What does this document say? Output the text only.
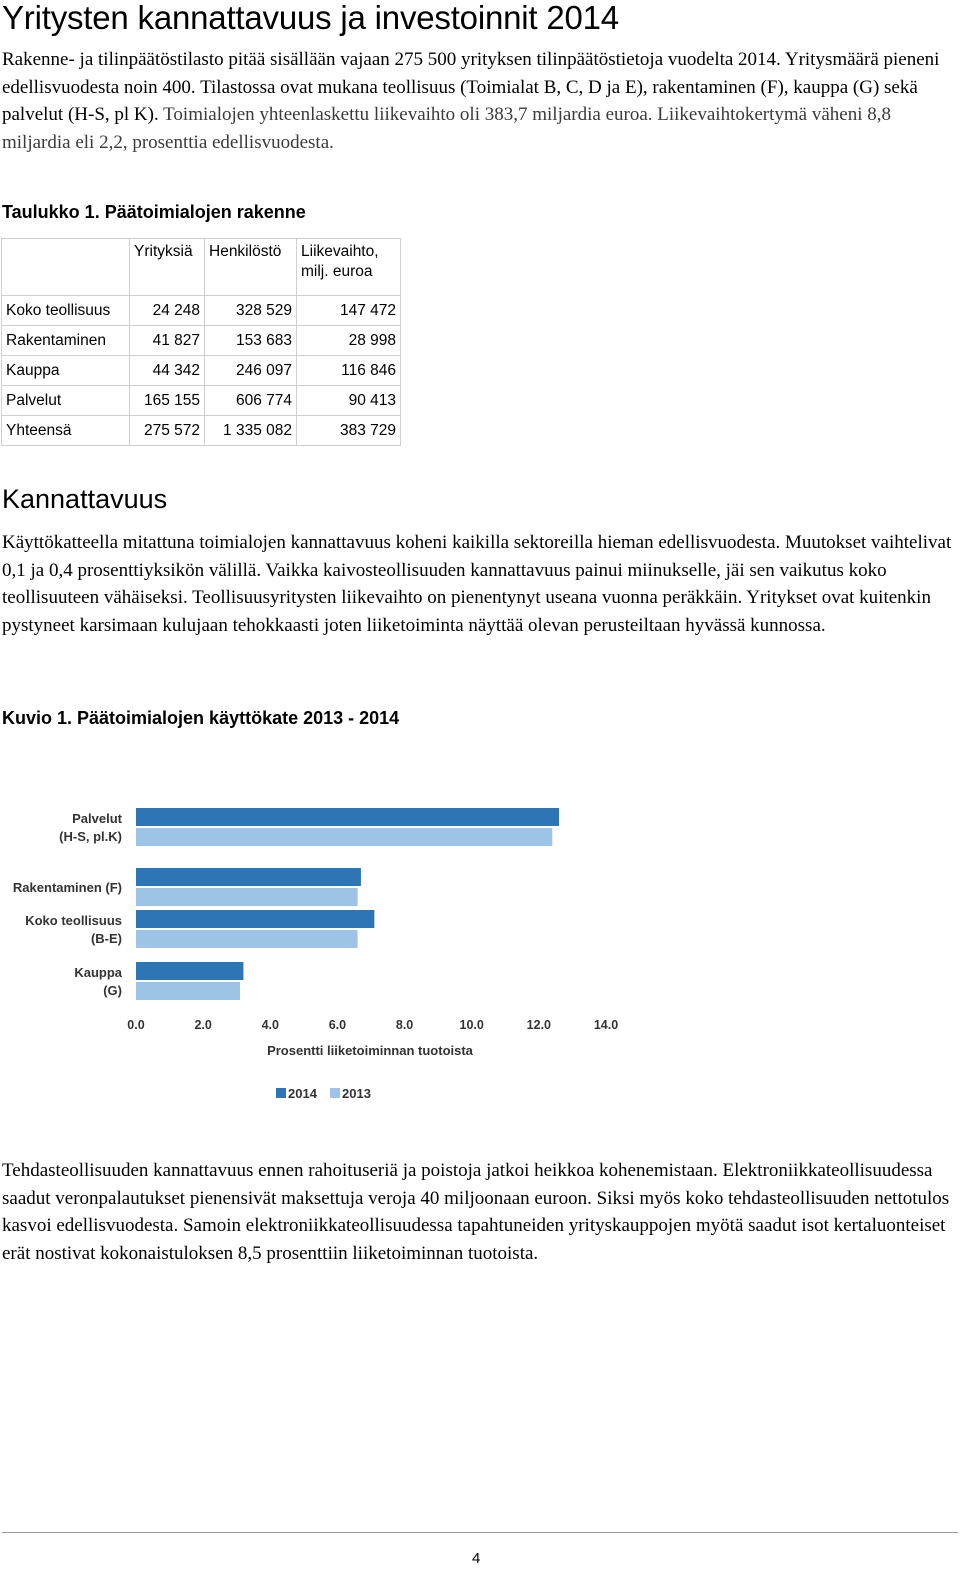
Yritysten kannattavuus ja investoinnit 2014

Rakenne- ja tilinpäätöstilasto pitää sisällään vajaan 275 500 yrityksen tilinpäätöstietoja vuodelta 2014. Yritysmäärä pieneni edellisvuodesta noin 400. Tilastossa ovat mukana teollisuus (Toimialat B, C, D ja E), rakentaminen (F), kauppa (G) sekä palvelut (H-S, pl K). Toimialojen yhteenlaskettu liikevaihto oli 383,7 miljardia euroa. Liikevaihtokertymä väheni 8,8 miljardia eli 2,2, prosenttia edellisvuodesta.

Taulukko 1. Päätoimialojen rakenne
	Yrityksiä	Henkilöstö	Liikevaihto, milj. euroa
Koko teollisuus	24 248	328 529	147 472
Rakentaminen	41 827	153 683	28 998
Kauppa	44 342	246 097	116 846
Palvelut	165 155	606 774	90 413
Yhteensä	275 572	1 335 082	383 729
Kannattavuus

Käyttökatteella mitattuna toimialojen kannattavuus koheni kaikilla sektoreilla hieman edellisvuodesta. Muutokset vaihtelivat 0,1 ja 0,4 prosenttiyksikön välillä. Vaikka kaivosteollisuuden kannattavuus painui miinukselle, jäi sen vaikutus koko teollisuuteen vähäiseksi. Teollisuusyritysten liikevaihto on pienentynyt useana vuonna peräkkäin. Yritykset ovat kuitenkin pystyneet karsimaan kulujaan tehokkaasti joten liiketoiminta näyttää olevan perusteiltaan hyvässä kunnossa.

Kuvio 1. Päätoimialojen käyttökate 2013 - 2014
Palvelut
(H-S, pl.K)
Rakentaminen (F)
Koko teollisuus
(B-E)
Kauppa
(G)
0.0	2.0	4.0	6.0	8.0	10.0	12.0	14.0
Prosentti liiketoiminnan tuotoista
2014 2013

Tehdasteollisuuden kannattavuus ennen rahoituseriä ja poistoja jatkoi heikkoa kohenemistaan. Elektroniikkateollisuudessa saadut veronpalautukset pienensivät maksettuja veroja 40 miljoonaan euroon. Siksi myös koko tehdasteollisuuden nettotulos kasvoi edellisvuodesta. Samoin elektroniikkateollisuudessa tapahtuneiden yrityskauppojen myötä saadut isot kertaluonteiset erät nostivat kokonaistuloksen 8,5 prosenttiin liiketoiminnan tuotoista.

4
